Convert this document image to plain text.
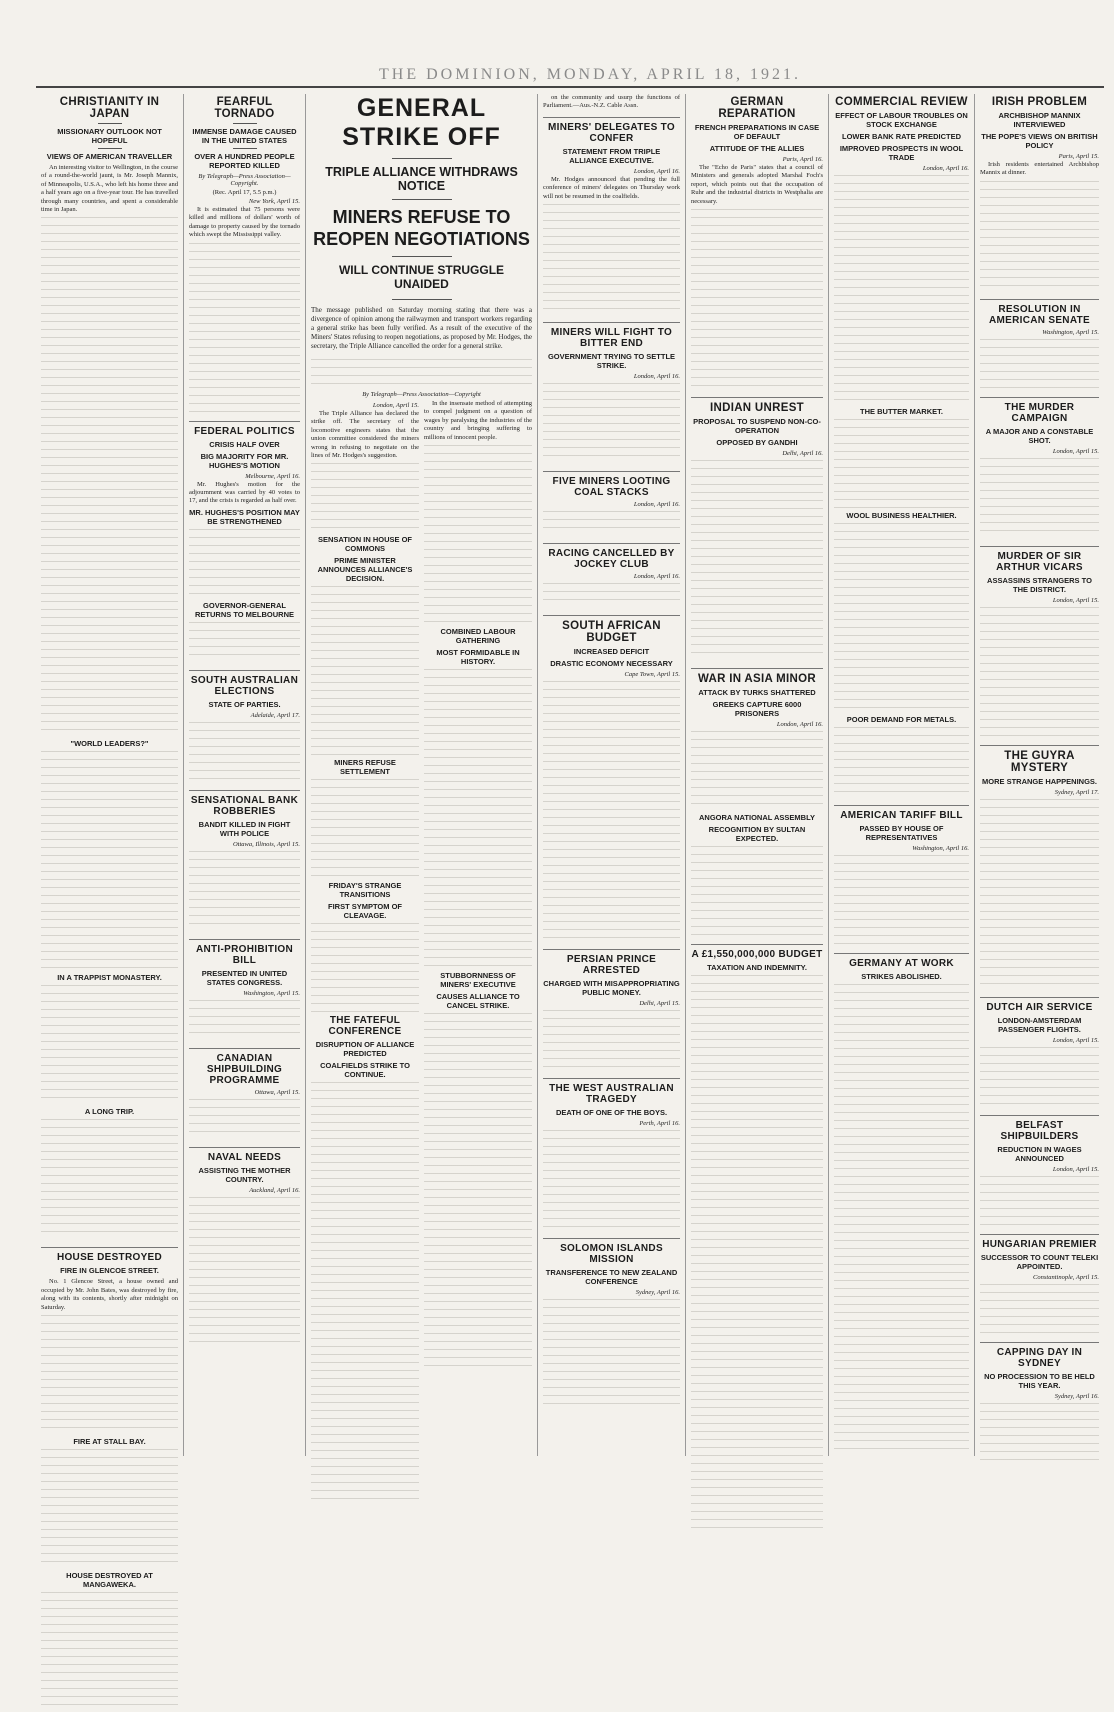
THE DOMINION, MONDAY, APRIL 18, 1921.
CHRISTIANITY IN JAPAN
MISSIONARY OUTLOOK NOT HOPEFUL
VIEWS OF AMERICAN TRAVELLER

An interesting visitor to Wellington, in the course of a round-the-world jaunt, is Mr. Joseph Mannix, of Minneapolis, U.S.A., who left his home three and a half years ago on a five-year tour. He has travelled through many countries, and spent a considerable time in Japan.

"WORLD LEADERS?"
IN A TRAPPIST MONASTERY.
A LONG TRIP.
HOUSE DESTROYED
FIRE IN GLENCOE STREET.

No. 1 Glencoe Street, a house owned and occupied by Mr. John Bates, was destroyed by fire, along with its contents, shortly after midnight on Saturday.

FIRE AT STALL BAY.
HOUSE DESTROYED AT MANGAWEKA.
FEARFUL TORNADO
IMMENSE DAMAGE CAUSED IN THE UNITED STATES
OVER A HUNDRED PEOPLE REPORTED KILLED
By Telegraph—Press Association—Copyright.
(Rec. April 17, 5.5 p.m.)
New York, April 15.

It is estimated that 75 persons were killed and millions of dollars' worth of damage to property caused by the tornado which swept the Mississippi valley.

FEDERAL POLITICS
CRISIS HALF OVER
BIG MAJORITY FOR MR. HUGHES'S MOTION
Melbourne, April 16.

Mr. Hughes's motion for the adjournment was carried by 40 votes to 17, and the crisis is regarded as half over.

MR. HUGHES'S POSITION MAY BE STRENGTHENED
GOVERNOR-GENERAL RETURNS TO MELBOURNE
SOUTH AUSTRALIAN ELECTIONS
STATE OF PARTIES.
Adelaide, April 17.
SENSATIONAL BANK ROBBERIES
BANDIT KILLED IN FIGHT WITH POLICE
Ottawa, Illinois, April 15.
ANTI-PROHIBITION BILL
PRESENTED IN UNITED STATES CONGRESS.
Washington, April 15.
CANADIAN SHIPBUILDING PROGRAMME
Ottawa, April 15.
NAVAL NEEDS
ASSISTING THE MOTHER COUNTRY.
Auckland, April 16.
GENERAL STRIKE OFF
TRIPLE ALLIANCE WITHDRAWS NOTICE
MINERS REFUSE TO REOPEN NEGOTIATIONS
WILL CONTINUE STRUGGLE UNAIDED
The message published on Saturday morning stating that there was a divergence of opinion among the railwaymen and transport workers regarding a general strike has been fully verified. As a result of the executive of the Miners' States refusing to reopen negotiations, as proposed by Mr. Hodges, the secretary, the Triple Alliance cancelled the order for a general strike.
By Telegraph—Press Association—Copyright
London, April 15.

The Triple Alliance has declared the strike off. The secretary of the locomotive engineers states that the union committee considered the miners wrong in refusing to negotiate on the lines of Mr. Hodges's suggestion.

SENSATION IN HOUSE OF COMMONS
PRIME MINISTER ANNOUNCES ALLIANCE'S DECISION.
MINERS REFUSE SETTLEMENT
FRIDAY'S STRANGE TRANSITIONS
FIRST SYMPTOM OF CLEAVAGE.
THE FATEFUL CONFERENCE
DISRUPTION OF ALLIANCE PREDICTED
COALFIELDS STRIKE TO CONTINUE.

In the insensate method of attempting to compel judgment on a question of wages by paralysing the industries of the country and bringing suffering to millions of innocent people.

COMBINED LABOUR GATHERING
MOST FORMIDABLE IN HISTORY.
STUBBORNNESS OF MINERS' EXECUTIVE
CAUSES ALLIANCE TO CANCEL STRIKE.

on the community and usurp the functions of Parliament.—Aus.-N.Z. Cable Assn.

MINERS' DELEGATES TO CONFER
STATEMENT FROM TRIPLE ALLIANCE EXECUTIVE.
London, April 16.

Mr. Hodges announced that pending the full conference of miners' delegates on Thursday work will not be resumed in the coalfields.

MINERS WILL FIGHT TO BITTER END
GOVERNMENT TRYING TO SETTLE STRIKE.
London, April 16.
FIVE MINERS LOOTING COAL STACKS
London, April 16.
RACING CANCELLED BY JOCKEY CLUB
London, April 16.
SOUTH AFRICAN BUDGET
INCREASED DEFICIT
DRASTIC ECONOMY NECESSARY
Cape Town, April 15.
PERSIAN PRINCE ARRESTED
CHARGED WITH MISAPPROPRIATING PUBLIC MONEY.
Delhi, April 15.
THE WEST AUSTRALIAN TRAGEDY
DEATH OF ONE OF THE BOYS.
Perth, April 16.
SOLOMON ISLANDS MISSION
TRANSFERENCE TO NEW ZEALAND CONFERENCE
Sydney, April 16.
GERMAN REPARATION
FRENCH PREPARATIONS IN CASE OF DEFAULT
ATTITUDE OF THE ALLIES
Paris, April 16.

The "Echo de Paris" states that a council of Ministers and generals adopted Marshal Foch's report, which points out that the occupation of Ruhr and the industrial districts in Westphalia are necessary.

INDIAN UNREST
PROPOSAL TO SUSPEND NON-CO-OPERATION
OPPOSED BY GANDHI
Delhi, April 16.
WAR IN ASIA MINOR
ATTACK BY TURKS SHATTERED
GREEKS CAPTURE 6000 PRISONERS
London, April 16.
ANGORA NATIONAL ASSEMBLY
RECOGNITION BY SULTAN EXPECTED.
A £1,550,000,000 BUDGET
TAXATION AND INDEMNITY.
COMMERCIAL REVIEW
EFFECT OF LABOUR TROUBLES ON STOCK EXCHANGE
LOWER BANK RATE PREDICTED
IMPROVED PROSPECTS IN WOOL TRADE
London, April 16.
THE BUTTER MARKET.
WOOL BUSINESS HEALTHIER.
POOR DEMAND FOR METALS.
AMERICAN TARIFF BILL
PASSED BY HOUSE OF REPRESENTATIVES
Washington, April 16.
GERMANY AT WORK
STRIKES ABOLISHED.
IRISH PROBLEM
ARCHBISHOP MANNIX INTERVIEWED
THE POPE'S VIEWS ON BRITISH POLICY
Paris, April 15.

Irish residents entertained Archbishop Mannix at dinner.

RESOLUTION IN AMERICAN SENATE
Washington, April 15.
THE MURDER CAMPAIGN
A MAJOR AND A CONSTABLE SHOT.
London, April 15.
MURDER OF SIR ARTHUR VICARS
ASSASSINS STRANGERS TO THE DISTRICT.
London, April 15.
THE GUYRA MYSTERY
MORE STRANGE HAPPENINGS.
Sydney, April 17.
DUTCH AIR SERVICE
LONDON-AMSTERDAM PASSENGER FLIGHTS.
London, April 15.
BELFAST SHIPBUILDERS
REDUCTION IN WAGES ANNOUNCED
London, April 15.
HUNGARIAN PREMIER
SUCCESSOR TO COUNT TELEKI APPOINTED.
Constantinople, April 15.
CAPPING DAY IN SYDNEY
NO PROCESSION TO BE HELD THIS YEAR.
Sydney, April 16.
